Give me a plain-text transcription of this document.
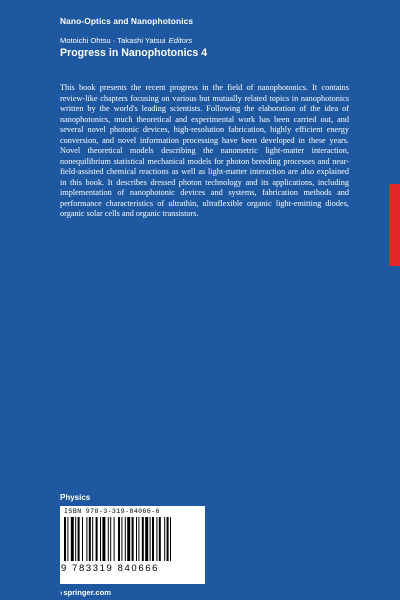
Nano-Optics and Nanophotonics
Motoichi Ohtsu · Takashi Yatsui Editors
Progress in Nanophotonics 4

This book presents the recent progress in the field of nanophotonics. It contains review-like chapters focusing on various but mutually related topics in nanophotonics written by the world's leading scientists. Following the elaboration of the idea of nanophotonics, much theoretical and experimental work has been carried out, and several novel photonic devices, high-resolution fabrication, highly efficient energy conversion, and novel information processing have been developed in these years. Novel theoretical models describing the nanometric light-matter interaction, nonequilibrium statistical mechanical models for photon breeding processes and near-field-assisted chemical reactions as well as light-matter interaction are also explained in this book. It describes dressed photon technology and its applications, including implementation of nanophotonic devices and systems, fabrication methods and performance characteristics of ultrathin, ultraflexible organic light-emitting diodes, organic solar cells and organic transistors.

Physics
ISBN 978-3-319-84066-6
9 783319 840666
›springer.com
